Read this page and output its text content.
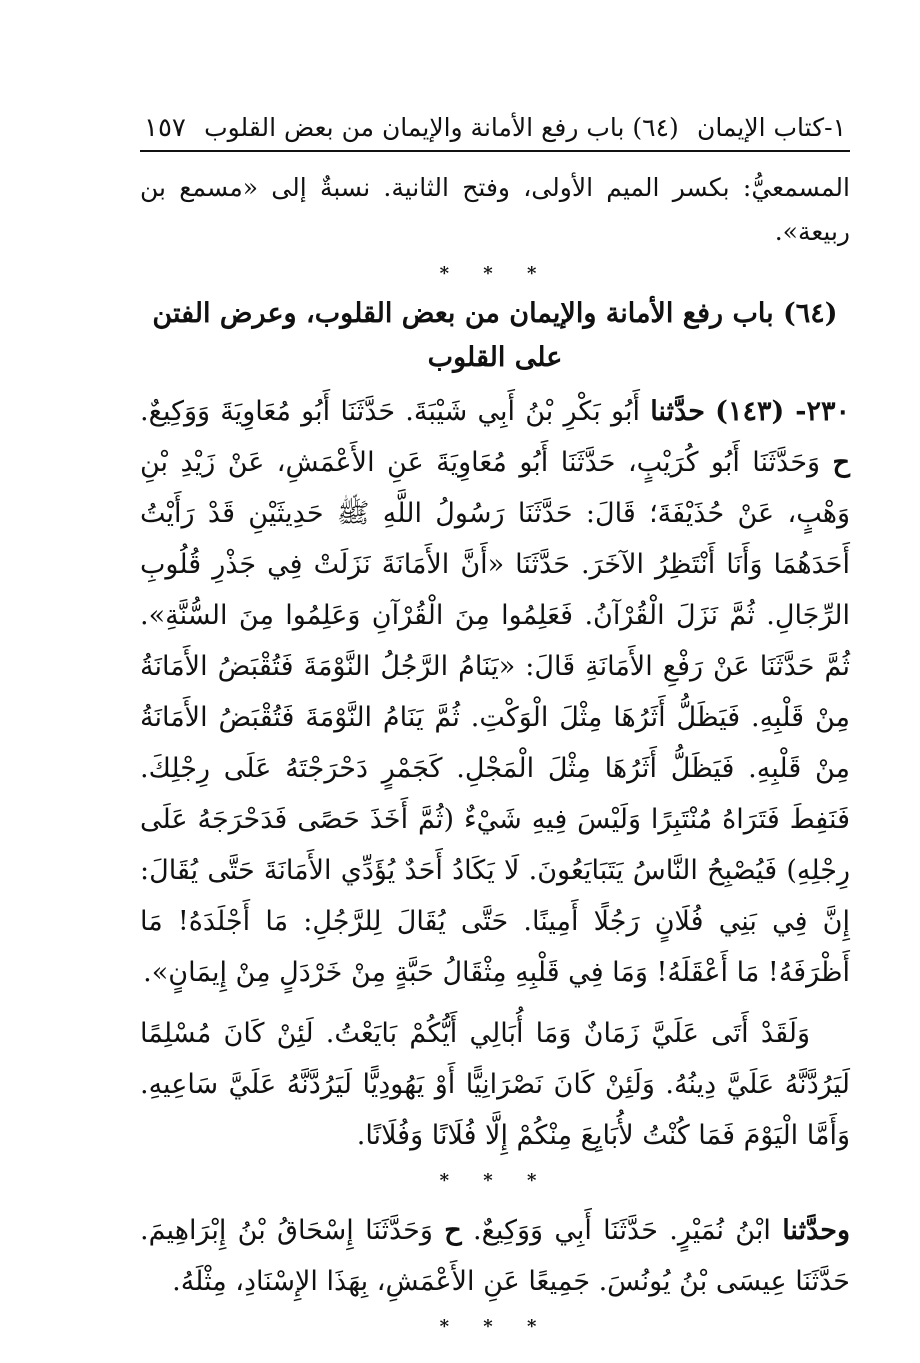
١-كتاب الإيمان
(٦٤) باب رفع الأمانة والإيمان من بعض القلوب
١٥٧

المسمعيُّ: بكسر الميم الأولى، وفتح الثانية. نسبةٌ إلى «مسمع بن ربيعة».

* * *
(٦٤) باب رفع الأمانة والإيمان من بعض القلوب، وعرض الفتن على القلوب

٢٣٠- (١٤٣) حدَّثنا أَبُو بَكْرِ بْنُ أَبِي شَيْبَةَ. حَدَّثَنَا أَبُو مُعَاوِيَةَ وَوَكِيعٌ. ح وَحَدَّثَنَا أَبُو كُرَيْبٍ، حَدَّثَنَا أَبُو مُعَاوِيَةَ عَنِ الأَعْمَشِ، عَنْ زَيْدِ بْنِ وَهْبٍ، عَنْ حُذَيْفَةَ؛ قَالَ: حَدَّثَنَا رَسُولُ اللَّهِ ﷺ حَدِيثَيْنِ قَدْ رَأَيْتُ أَحَدَهُمَا وَأَنَا أَنْتَظِرُ الآخَرَ. حَدَّثَنَا «أَنَّ الأَمَانَةَ نَزَلَتْ فِي جَذْرِ قُلُوبِ الرِّجَالِ. ثُمَّ نَزَلَ الْقُرْآنُ. فَعَلِمُوا مِنَ الْقُرْآنِ وَعَلِمُوا مِنَ السُّنَّةِ». ثُمَّ حَدَّثَنَا عَنْ رَفْعِ الأَمَانَةِ قَالَ: «يَنَامُ الرَّجُلُ النَّوْمَةَ فَتُقْبَضُ الأَمَانَةُ مِنْ قَلْبِهِ. فَيَظَلُّ أَثَرُهَا مِثْلَ الْوَكْتِ. ثُمَّ يَنَامُ النَّوْمَةَ فَتُقْبَضُ الأَمَانَةُ مِنْ قَلْبِهِ. فَيَظَلُّ أَثَرُهَا مِثْلَ الْمَجْلِ. كَجَمْرٍ دَحْرَجْتَهُ عَلَى رِجْلِكَ. فَنَفِطَ فَتَرَاهُ مُنْتَبِرًا وَلَيْسَ فِيهِ شَيْءٌ (ثُمَّ أَخَذَ حَصًى فَدَحْرَجَهُ عَلَى رِجْلِهِ) فَيُصْبِحُ النَّاسُ يَتَبَايَعُونَ. لَا يَكَادُ أَحَدٌ يُؤَدِّي الأَمَانَةَ حَتَّى يُقَالَ: إِنَّ فِي بَنِي فُلَانٍ رَجُلًا أَمِينًا. حَتَّى يُقَالَ لِلرَّجُلِ: مَا أَجْلَدَهُ! مَا أَظْرَفَهُ! مَا أَعْقَلَهُ! وَمَا فِي قَلْبِهِ مِثْقَالُ حَبَّةٍ مِنْ خَرْدَلٍ مِنْ إِيمَانٍ».

وَلَقَدْ أَتَى عَلَيَّ زَمَانٌ وَمَا أُبَالِي أَيُّكُمْ بَايَعْتُ. لَئِنْ كَانَ مُسْلِمًا لَيَرُدَّنَّهُ عَلَيَّ دِينُهُ. وَلَئِنْ كَانَ نَصْرَانِيًّا أَوْ يَهُودِيًّا لَيَرُدَّنَّهُ عَلَيَّ سَاعِيهِ. وَأَمَّا الْيَوْمَ فَمَا كُنْتُ لأُبَايِعَ مِنْكُمْ إِلَّا فُلَانًا وَفُلَانًا.

* * *

وحدَّثنا ابْنُ نُمَيْرٍ. حَدَّثَنَا أَبِي وَوَكِيعٌ. ح وَحَدَّثَنَا إِسْحَاقُ بْنُ إِبْرَاهِيمَ. حَدَّثَنَا عِيسَى بْنُ يُونُسَ. جَمِيعًا عَنِ الأَعْمَشِ، بِهَذَا الإِسْنَادِ، مِثْلَهُ.

* * *
